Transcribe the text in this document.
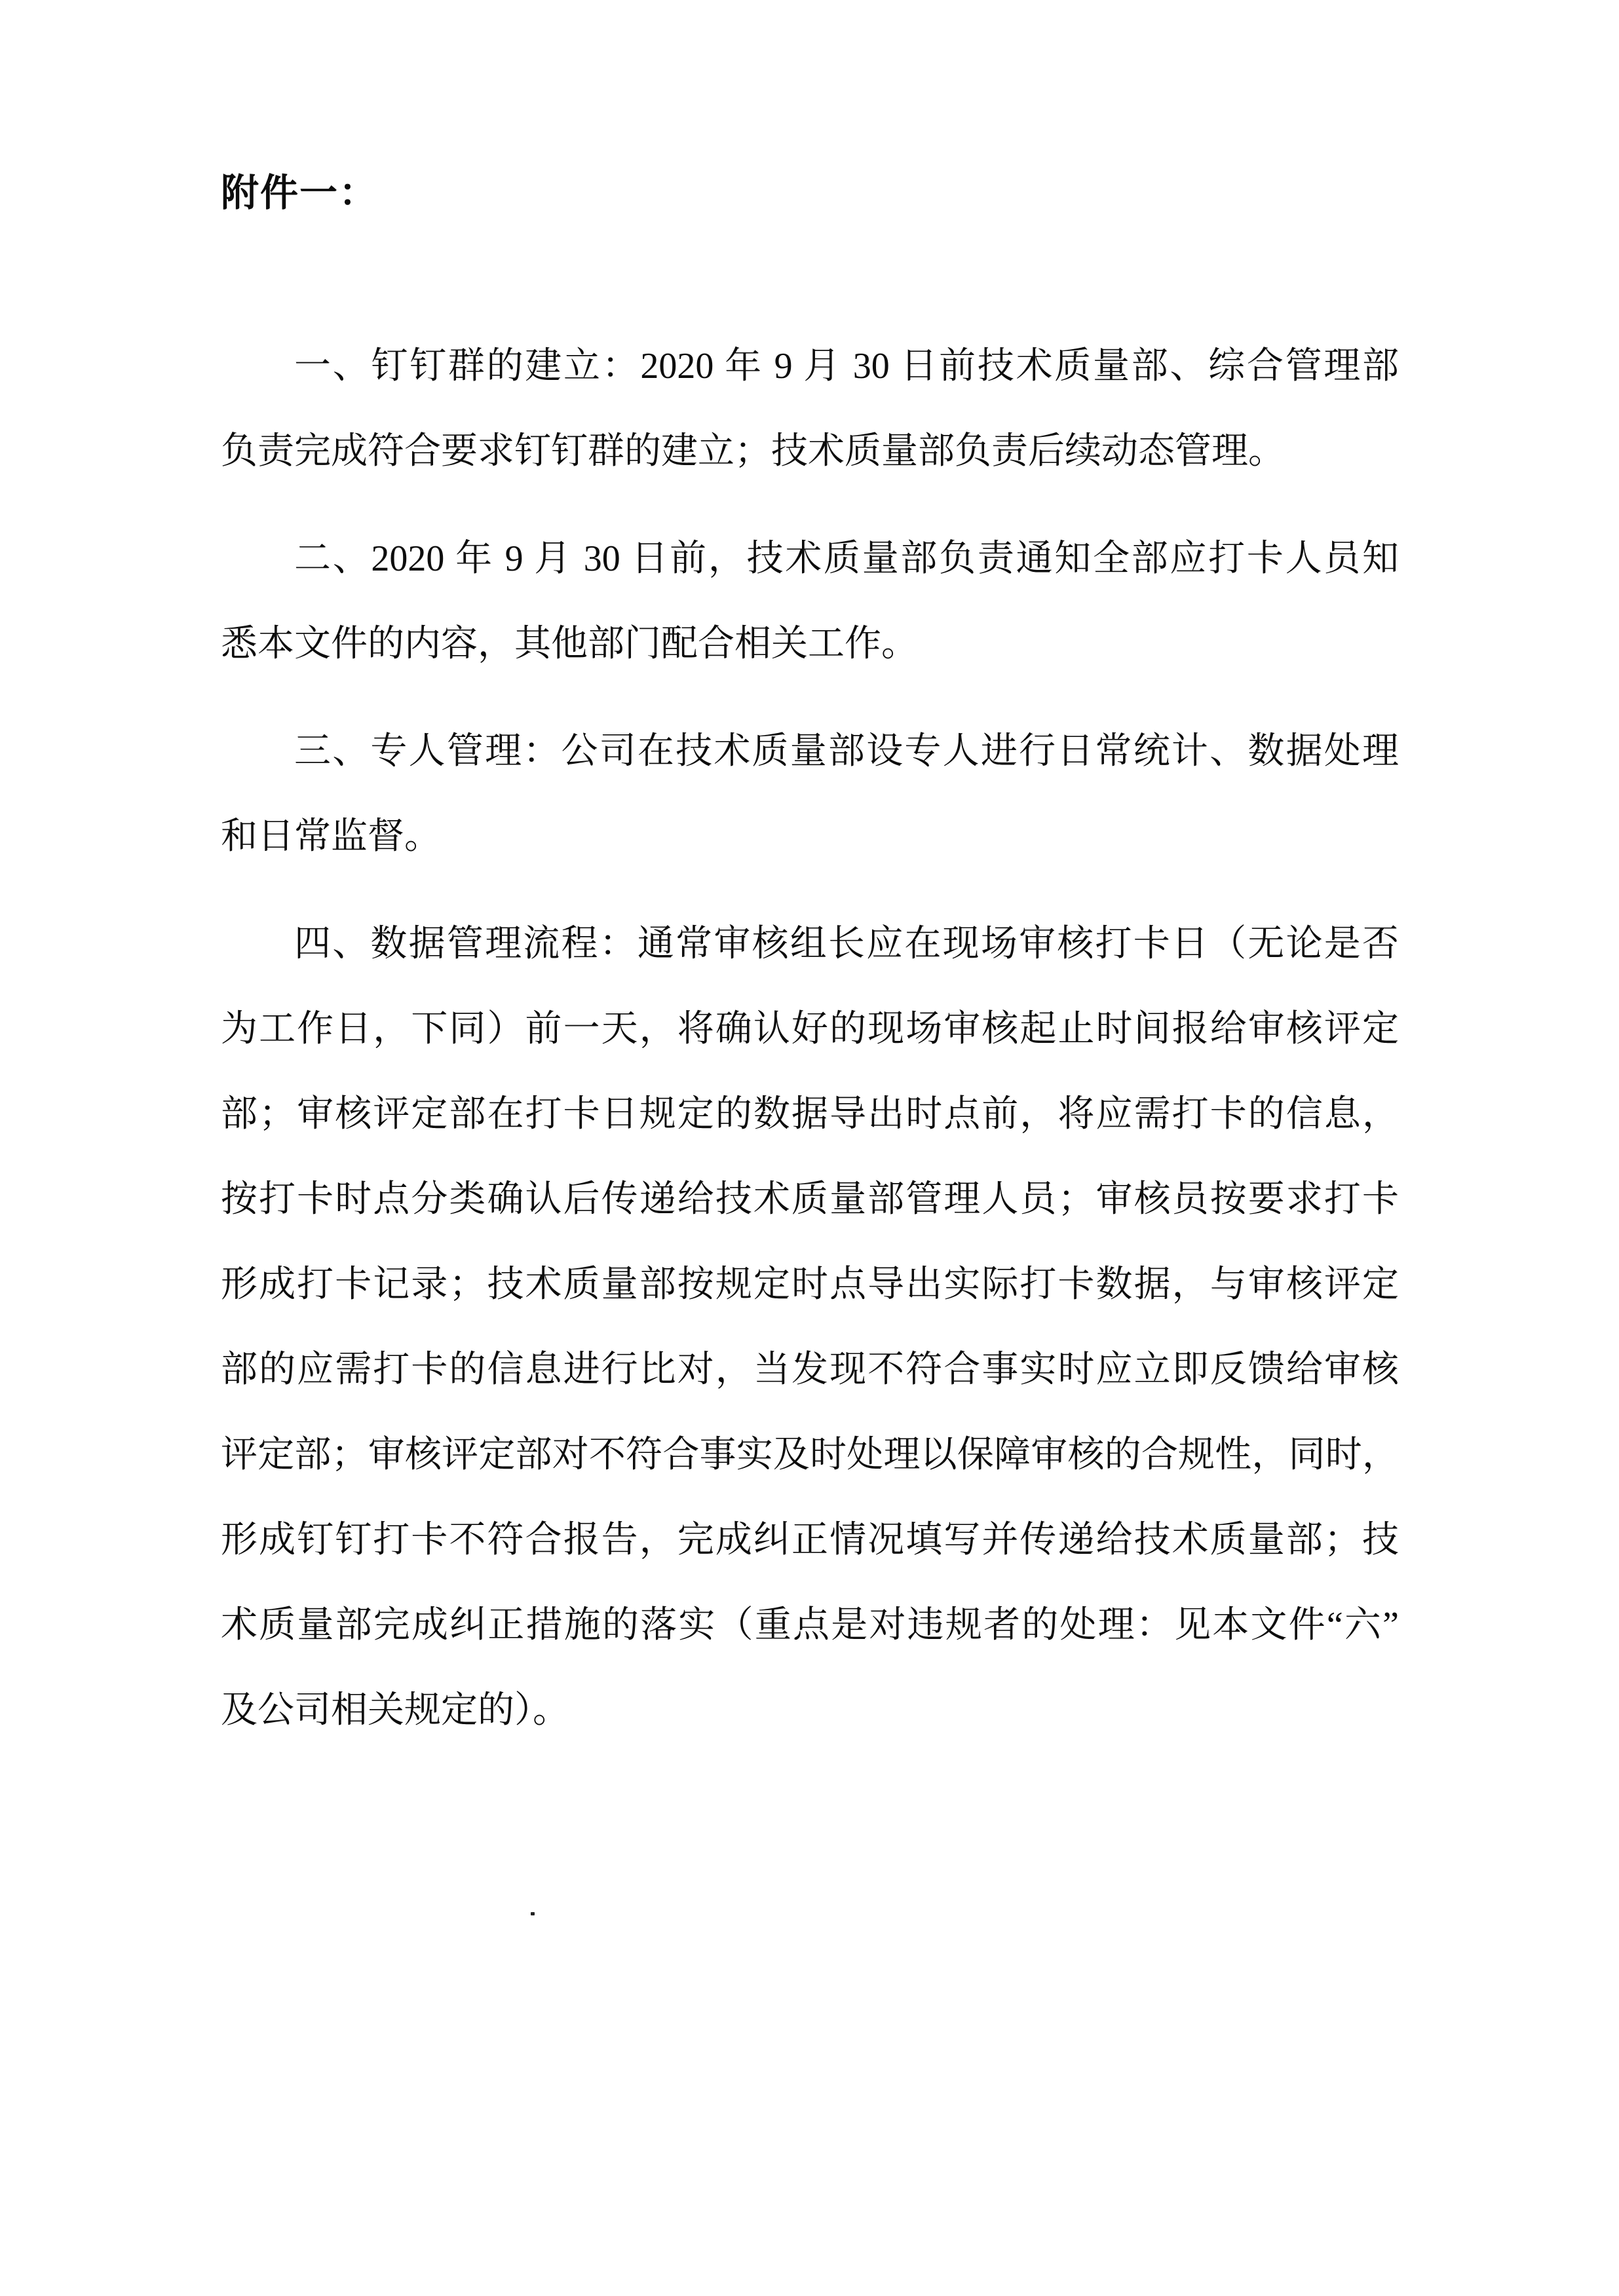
附件一：
一、钉钉群的建立：2020 年 9 月 30 日前技术质量部、综合管理部
负责完成符合要求钉钉群的建立；技术质量部负责后续动态管理。
二、2020 年 9 月 30 日前，技术质量部负责通知全部应打卡人员知
悉本文件的内容，其他部门配合相关工作。
三、专人管理：公司在技术质量部设专人进行日常统计、数据处理
和日常监督。
四、数据管理流程：通常审核组长应在现场审核打卡日（无论是否
为工作日，下同）前一天，将确认好的现场审核起止时间报给审核评定
部；审核评定部在打卡日规定的数据导出时点前，将应需打卡的信息，
按打卡时点分类确认后传递给技术质量部管理人员；审核员按要求打卡
形成打卡记录；技术质量部按规定时点导出实际打卡数据，与审核评定
部的应需打卡的信息进行比对，当发现不符合事实时应立即反馈给审核
评定部；审核评定部对不符合事实及时处理以保障审核的合规性，同时，
形成钉钉打卡不符合报告，完成纠正情况填写并传递给技术质量部；技
术质量部完成纠正措施的落实（重点是对违规者的处理：见本文件“六”
及公司相关规定的）。
